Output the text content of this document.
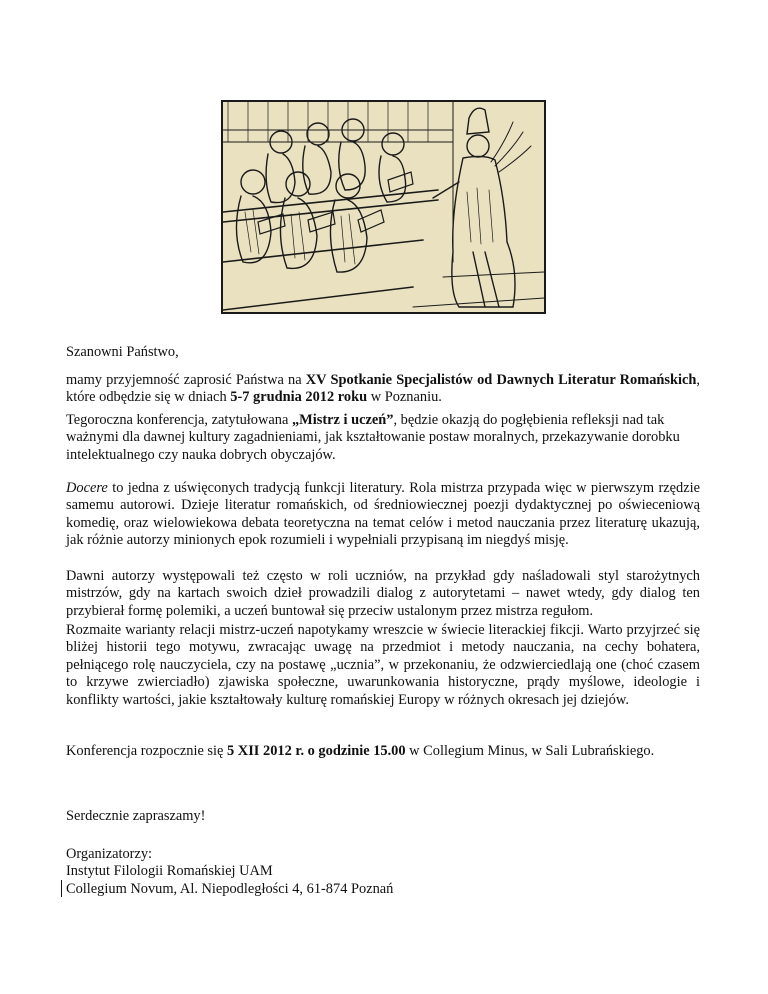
Szanowni Państwo,

mamy przyjemność zaprosić Państwa na XV Spotkanie Specjalistów od Dawnych Literatur Romańskich, które odbędzie się w dniach 5-7 grudnia 2012 roku w Poznaniu.

Tegoroczna konferencja, zatytułowana „Mistrz i uczeń”, będzie okazją do pogłębienia refleksji nad tak ważnymi dla dawnej kultury zagadnieniami, jak kształtowanie postaw moralnych, przekazywanie dorobku intelektualnego czy nauka dobrych obyczajów.

Docere to jedna z uświęconych tradycją funkcji literatury. Rola mistrza przypada więc w pierwszym rzędzie samemu autorowi. Dzieje literatur romańskich, od średniowiecznej poezji dydaktycznej po oświeceniową komedię, oraz wielowiekowa debata teoretyczna na temat celów i metod nauczania przez literaturę ukazują, jak różnie autorzy minionych epok rozumieli i wypełniali przypisaną im niegdyś misję.

Dawni autorzy występowali też często w roli uczniów, na przykład gdy naśladowali styl starożytnych mistrzów, gdy na kartach swoich dzieł prowadzili dialog z autorytetami – nawet wtedy, gdy dialog ten przybierał formę polemiki, a uczeń buntował się przeciw ustalonym przez mistrza regułom.

Rozmaite warianty relacji mistrz-uczeń napotykamy wreszcie w świecie literackiej fikcji. Warto przyjrzeć się bliżej historii tego motywu, zwracając uwagę na przedmiot i metody nauczania, na cechy bohatera, pełniącego rolę nauczyciela, czy na postawę „ucznia”, w przekonaniu, że odzwierciedlają one (choć czasem to krzywe zwierciadło) zjawiska społeczne, uwarunkowania historyczne, prądy myślowe, ideologie i konflikty wartości, jakie kształtowały kulturę romańskiej Europy w różnych okresach jej dziejów.

Konferencja rozpocznie się 5 XII 2012 r. o godzinie 15.00 w Collegium Minus, w Sali Lubrańskiego.

Serdecznie zapraszamy!

Organizatorzy:
Instytut Filologii Romańskiej UAM
Collegium Novum, Al. Niepodległości 4, 61-874 Poznań
